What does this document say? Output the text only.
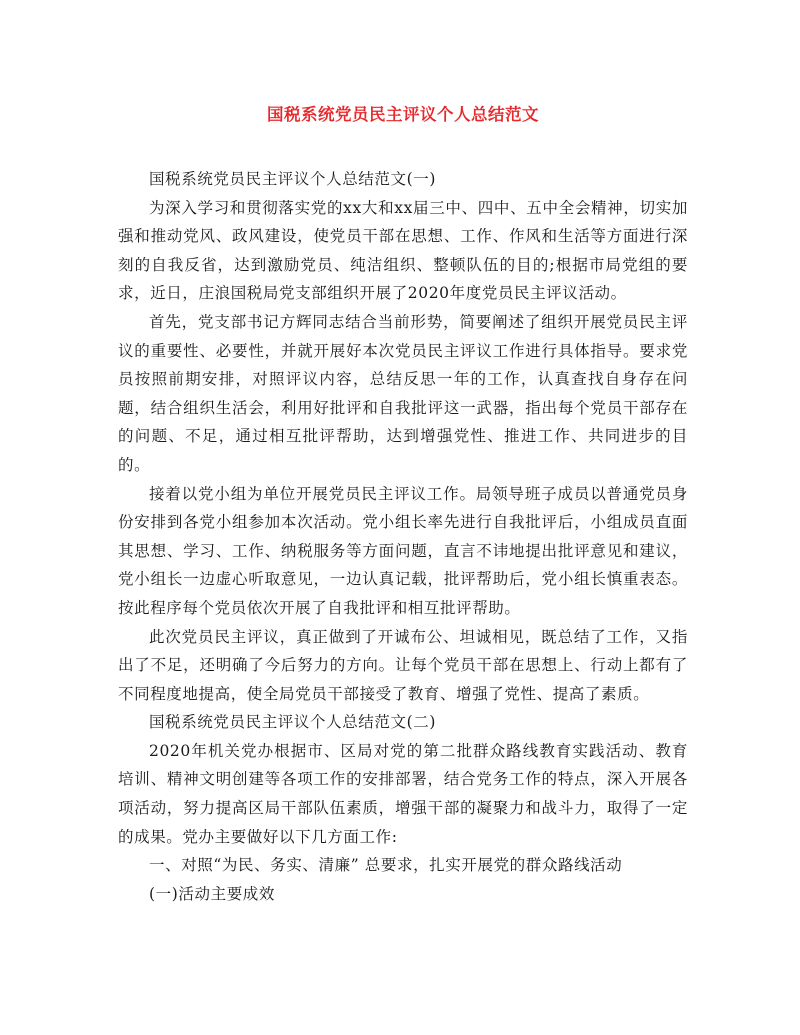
国税系统党员民主评议个人总结范文

国税系统党员民主评议个人总结范文(一)

为深入学习和贯彻落实党的xx大和xx届三中、四中、五中全会精神，切实加强和推动党风、政风建设，使党员干部在思想、工作、作风和生活等方面进行深刻的自我反省，达到激励党员、纯洁组织、整顿队伍的目的;根据市局党组的要求，近日，庄浪国税局党支部组织开展了2020年度党员民主评议活动。

首先，党支部书记方辉同志结合当前形势，简要阐述了组织开展党员民主评议的重要性、必要性，并就开展好本次党员民主评议工作进行具体指导。要求党员按照前期安排，对照评议内容，总结反思一年的工作，认真查找自身存在问题，结合组织生活会，利用好批评和自我批评这一武器，指出每个党员干部存在的问题、不足，通过相互批评帮助，达到增强党性、推进工作、共同进步的目的。

接着以党小组为单位开展党员民主评议工作。局领导班子成员以普通党员身份安排到各党小组参加本次活动。党小组长率先进行自我批评后，小组成员直面其思想、学习、工作、纳税服务等方面问题，直言不讳地提出批评意见和建议，党小组长一边虚心听取意见，一边认真记载，批评帮助后，党小组长慎重表态。按此程序每个党员依次开展了自我批评和相互批评帮助。

此次党员民主评议，真正做到了开诚布公、坦诚相见，既总结了工作，又指出了不足，还明确了今后努力的方向。让每个党员干部在思想上、行动上都有了不同程度地提高，使全局党员干部接受了教育、增强了党性、提高了素质。

国税系统党员民主评议个人总结范文(二)

2020年机关党办根据市、区局对党的第二批群众路线教育实践活动、教育培训、精神文明创建等各项工作的安排部署，结合党务工作的特点，深入开展各项活动，努力提高区局干部队伍素质，增强干部的凝聚力和战斗力，取得了一定的成果。党办主要做好以下几方面工作:

一、对照“为民、务实、清廉” 总要求，扎实开展党的群众路线活动

(一)活动主要成效
